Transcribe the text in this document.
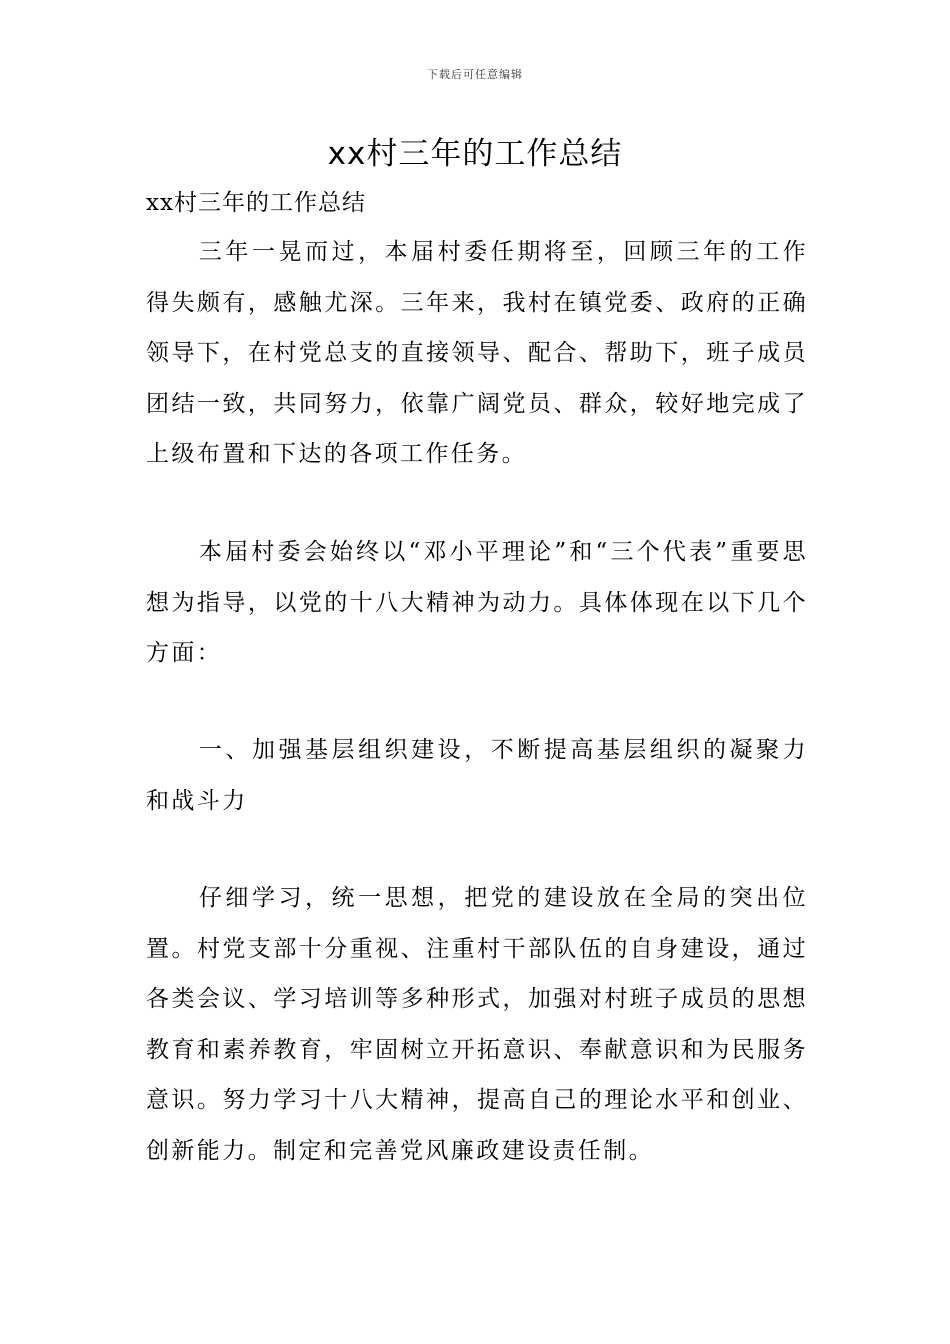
下载后可任意编辑
xx村三年的工作总结
xx村三年的工作总结

三年一晃而过，本届村委任期将至，回顾三年的工作得失颇有，感触尤深。三年来，我村在镇党委、政府的正确领导下，在村党总支的直接领导、配合、帮助下，班子成员团结一致，共同努力，依靠广阔党员、群众，较好地完成了上级布置和下达的各项工作任务。

本届村委会始终以“邓小平理论”和“三个代表”重要思想为指导，以党的十八大精神为动力。具体体现在以下几个方面：

一、加强基层组织建设，不断提高基层组织的凝聚力和战斗力

仔细学习，统一思想，把党的建设放在全局的突出位置。村党支部十分重视、注重村干部队伍的自身建设，通过各类会议、学习培训等多种形式，加强对村班子成员的思想教育和素养教育，牢固树立开拓意识、奉献意识和为民服务意识。努力学习十八大精神，提高自己的理论水平和创业、创新能力。制定和完善党风廉政建设责任制。
